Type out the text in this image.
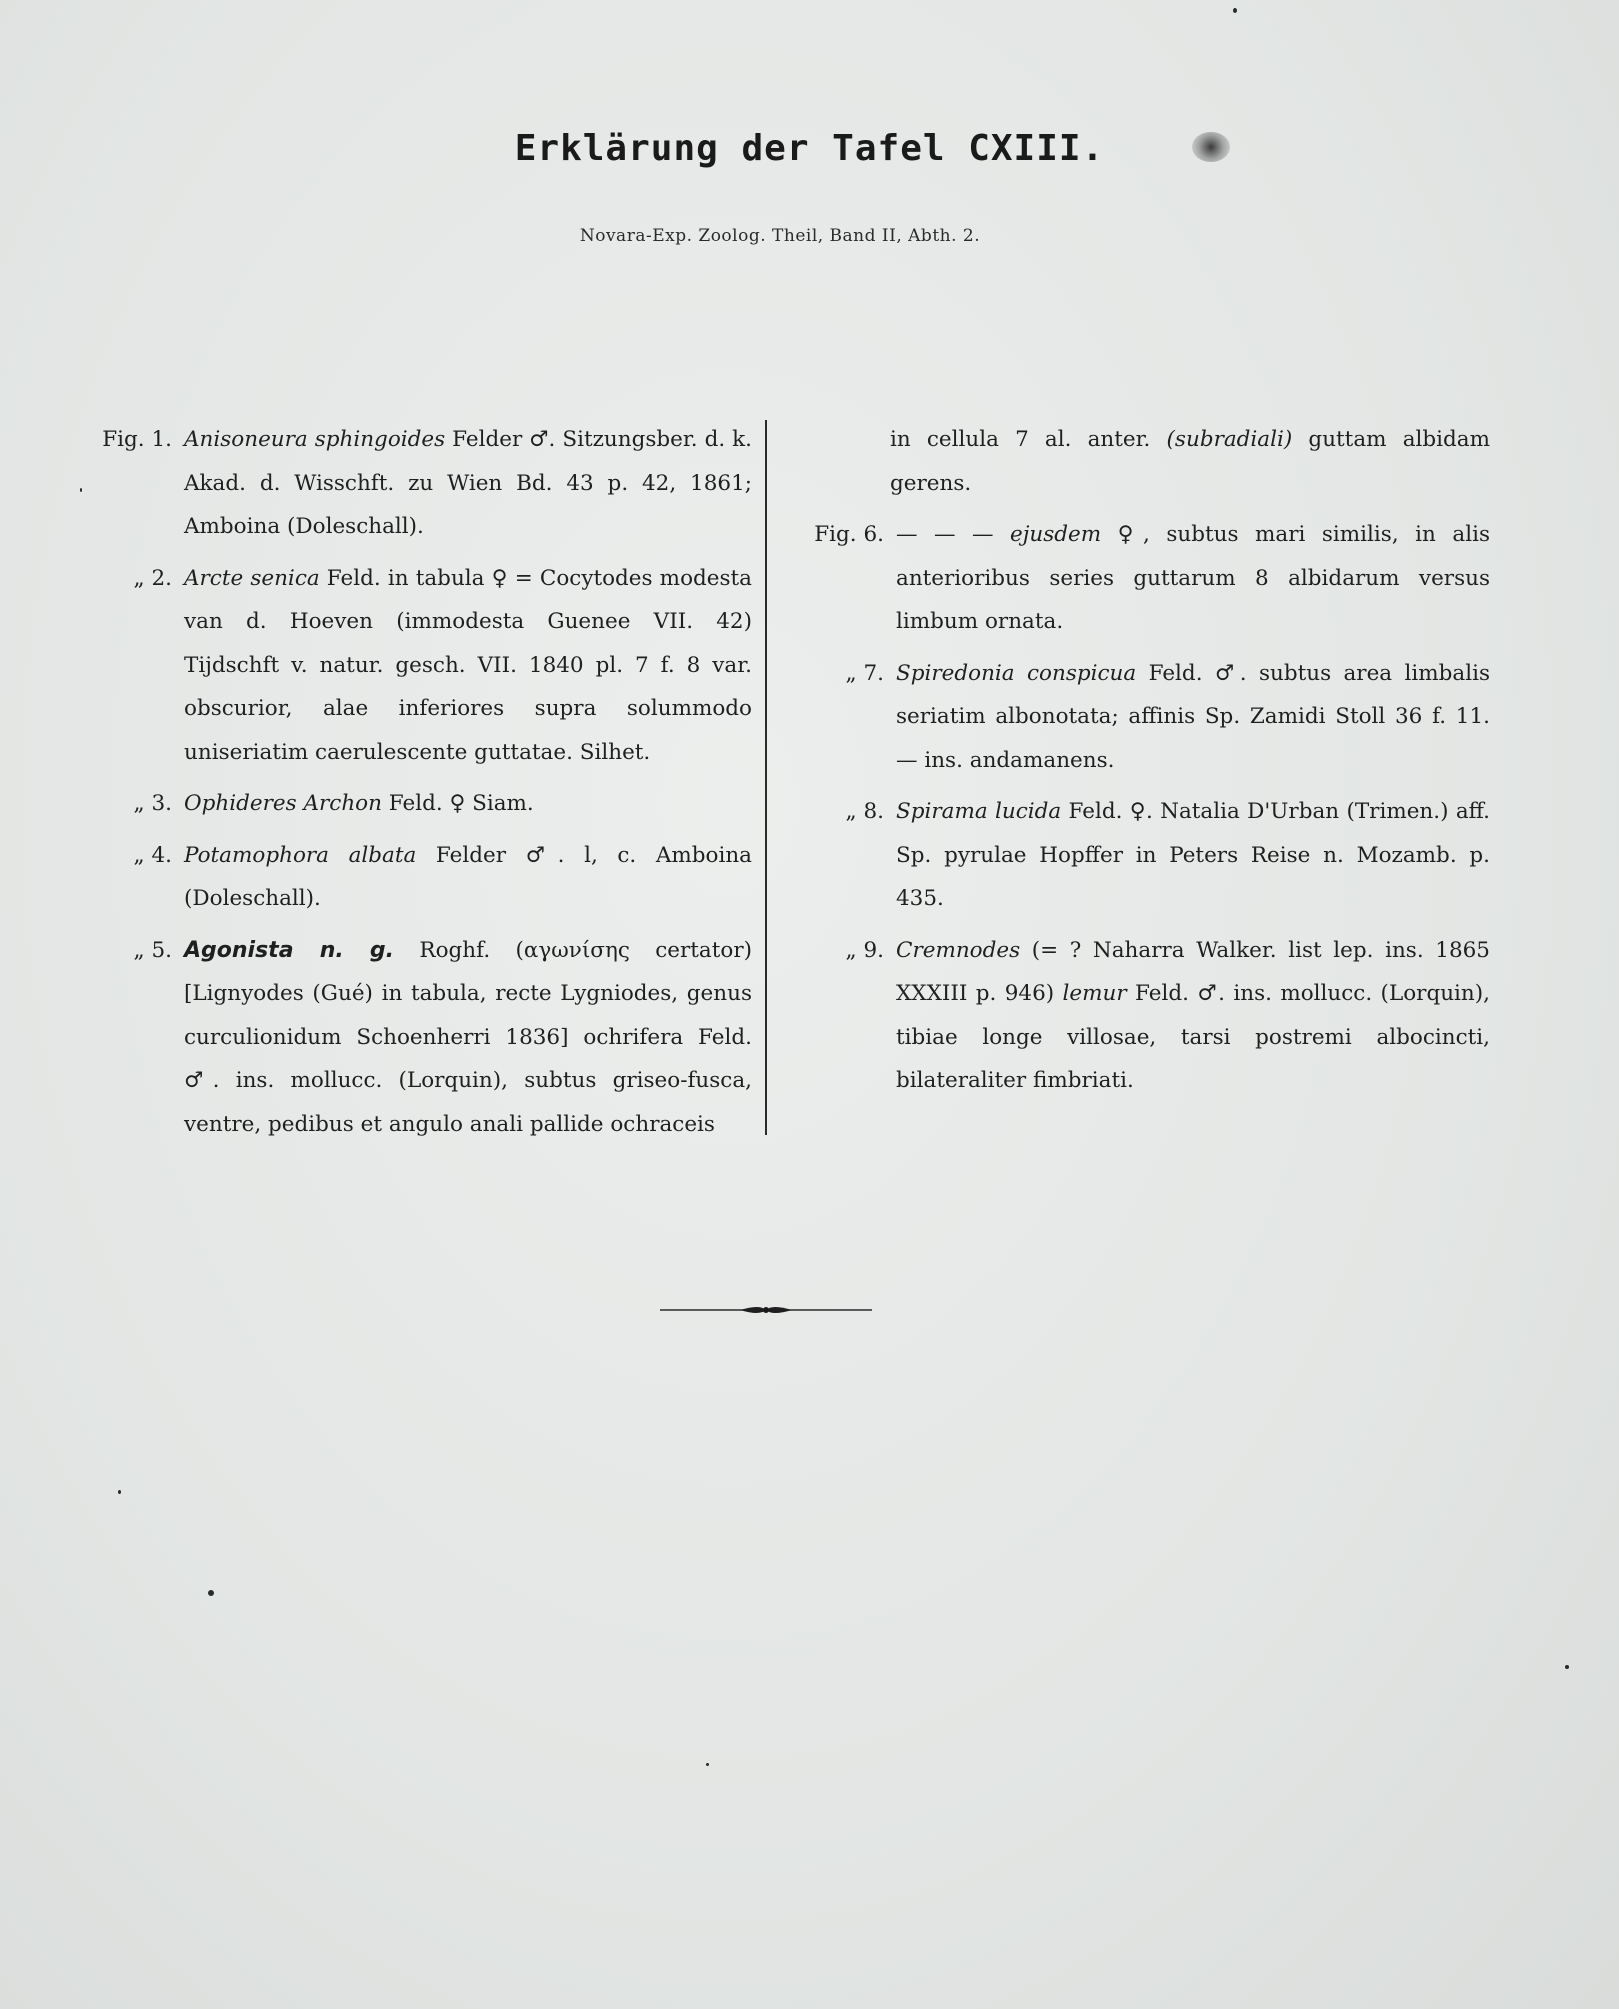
Erklärung der Tafel CXIII.
Novara-Exp. Zoolog. Theil, Band II, Abth. 2.
Fig. 1. Anisoneura sphingoides Felder ♂. Sitzungsber. d. k. Akad. d. Wisschft. zu Wien Bd. 43 p. 42, 1861; Amboina (Doleschall).
„ 2. Arcte senica Feld. in tabula ♀ = Cocytodes modesta van d. Hoeven (immodesta Guenee VII. 42) Tijdschft v. natur. gesch. VII. 1840 pl. 7 f. 8 var. obscurior, alae inferiores supra solummodo uniseriatim caerulescente guttatae. Silhet.
„ 3. Ophideres Archon Feld. ♀ Siam.
„ 4. Potamophora albata Felder ♂. l, c. Amboina (Doleschall).
„ 5. Agonista n. g. Roghf. (αγωνίσης certator) [Lignyodes (Gué) in tabula, recte Lygniodes, genus curculionidum Schoenherri 1836] ochrifera Feld. ♂. ins. mollucc. (Lorquin), subtus griseo-fusca, ventre, pedibus et angulo anali pallide ochraceis
in cellula 7 al. anter. (subradiali) guttam albidam gerens.
Fig. 6. — — — ejusdem ♀, subtus mari similis, in alis anterioribus series guttarum 8 albidarum versus limbum ornata.
„ 7. Spiredonia conspicua Feld. ♂. subtus area limbalis seriatim albonotata; affinis Sp. Zamidi Stoll 36 f. 11. — ins. andamanens.
„ 8. Spirama lucida Feld. ♀. Natalia D'Urban (Trimen.) aff. Sp. pyrulae Hopffer in Peters Reise n. Mozamb. p. 435.
„ 9. Cremnodes (= ? Naharra Walker. list lep. ins. 1865 XXXIII p. 946) lemur Feld. ♂. ins. mollucc. (Lorquin), tibiae longe villosae, tarsi postremi albocincti, bilateraliter fimbriati.
